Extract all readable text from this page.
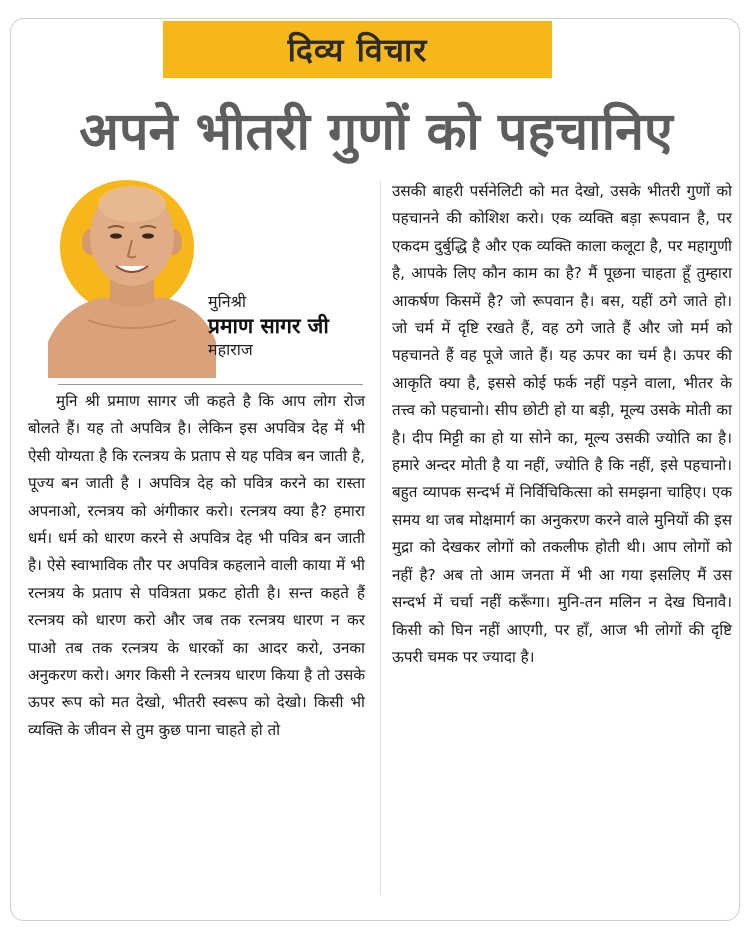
दिव्य विचार
अपने भीतरी गुणों को पहचानिए
मुनिश्री
प्रमाण सागर जी
महाराज

मुनि श्री प्रमाण सागर जी कहते है कि आप लोग रोज बोलते हैं। यह तो अपवित्र है। लेकिन इस अपवित्र देह में भी ऐसी योग्यता है कि रत्नत्रय के प्रताप से यह पवित्र बन जाती है, पूज्य बन जाती है । अपवित्र देह को पवित्र करने का रास्ता अपनाओ, रत्नत्रय को अंगीकार करो। रत्नत्रय क्या है? हमारा धर्म। धर्म को धारण करने से अपवित्र देह भी पवित्र बन जाती है। ऐसे स्वाभाविक तौर पर अपवित्र कहलाने वाली काया में भी रत्नत्रय के प्रताप से पवित्रता प्रकट होती है। सन्त कहते हैं रत्नत्रय को धारण करो और जब तक रत्नत्रय धारण न कर पाओ तब तक रत्नत्रय के धारकों का आदर करो, उनका अनुकरण करो। अगर किसी ने रत्नत्रय धारण किया है तो उसके ऊपर रूप को मत देखो, भीतरी स्वरूप को देखो। किसी भी व्यक्ति के जीवन से तुम कुछ पाना चाहते हो तो

उसकी बाहरी पर्सनेलिटी को मत देखो, उसके भीतरी गुणों को पहचानने की कोशिश करो। एक व्यक्ति बड़ा रूपवान है, पर एकदम दुर्बुद्धि है और एक व्यक्ति काला कलूटा है, पर महागुणी है, आपके लिए कौन काम का है? मैं पूछना चाहता हूँ तुम्हारा आकर्षण किसमें है? जो रूपवान है। बस, यहीं ठगे जाते हो। जो चर्म में दृष्टि रखते हैं, वह ठगे जाते हैं और जो मर्म को पहचानते हैं वह पूजे जाते हैं। यह ऊपर का चर्म है। ऊपर की आकृति क्या है, इससे कोई फर्क नहीं पड़ने वाला, भीतर के तत्त्व को पहचानो। सीप छोटी हो या बड़ी, मूल्य उसके मोती का है। दीप मिट्टी का हो या सोने का, मूल्य उसकी ज्योति का है। हमारे अन्दर मोती है या नहीं, ज्योति है कि नहीं, इसे पहचानो। बहुत व्यापक सन्दर्भ में निर्विचिकित्सा को समझना चाहिए। एक समय था जब मोक्षमार्ग का अनुकरण करने वाले मुनियों की इस मुद्रा को देखकर लोगों को तकलीफ होती थी। आप लोगों को नहीं है? अब तो आम जनता में भी आ गया इसलिए मैं उस सन्दर्भ में चर्चा नहीं करूँगा। मुनि-तन मलिन न देख घिनावै। किसी को घिन नहीं आएगी, पर हाँ, आज भी लोगों की दृष्टि ऊपरी चमक पर ज्यादा है।
